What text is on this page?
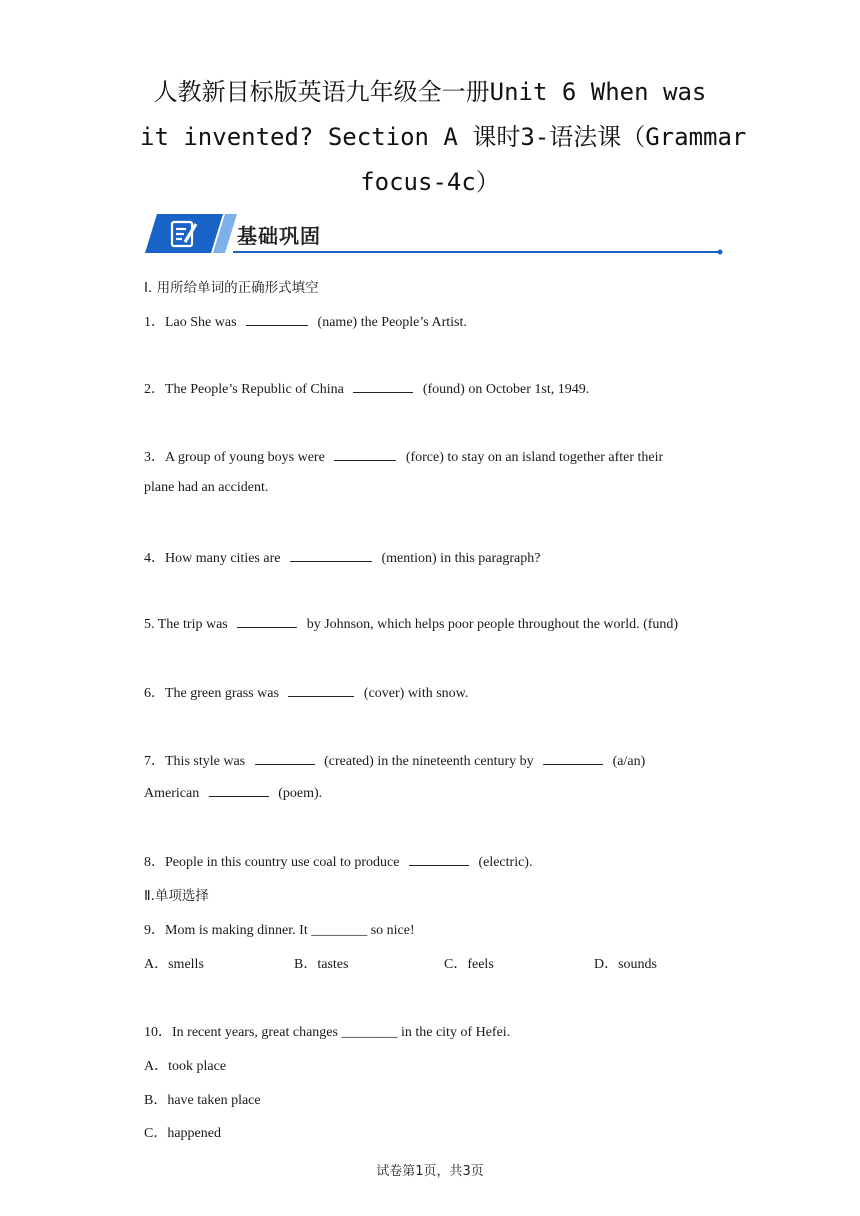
人教新目标版英语九年级全一册Unit 6 When was
it invented? Section A 课时3-语法课（Grammar
focus-4c）
基础巩固
Ⅰ. 用所给单词的正确形式填空
1．Lao She was	(name) the People’s Artist.
2．The People’s Republic of China	(found) on October 1st, 1949.
3．A group of young boys were	(force) to stay on an island together after their
plane had an accident.
4．How many cities are	(mention) in this paragraph?
5. The trip was	by Johnson, which helps poor people throughout the world. (fund)
6．The green grass was	(cover) with snow.
7．This style was	(created) in the nineteenth century by	(a/an)
American	(poem).
8．People in this country use coal to produce	(electric).
Ⅱ.单项选择
9．Mom is making dinner. It ________ so nice!
A．smells	B．tastes	C．feels	D．sounds
10．In recent years, great changes ________ in the city of Hefei.
A．took place
B．have taken place
C．happened
试卷第1页，共3页
